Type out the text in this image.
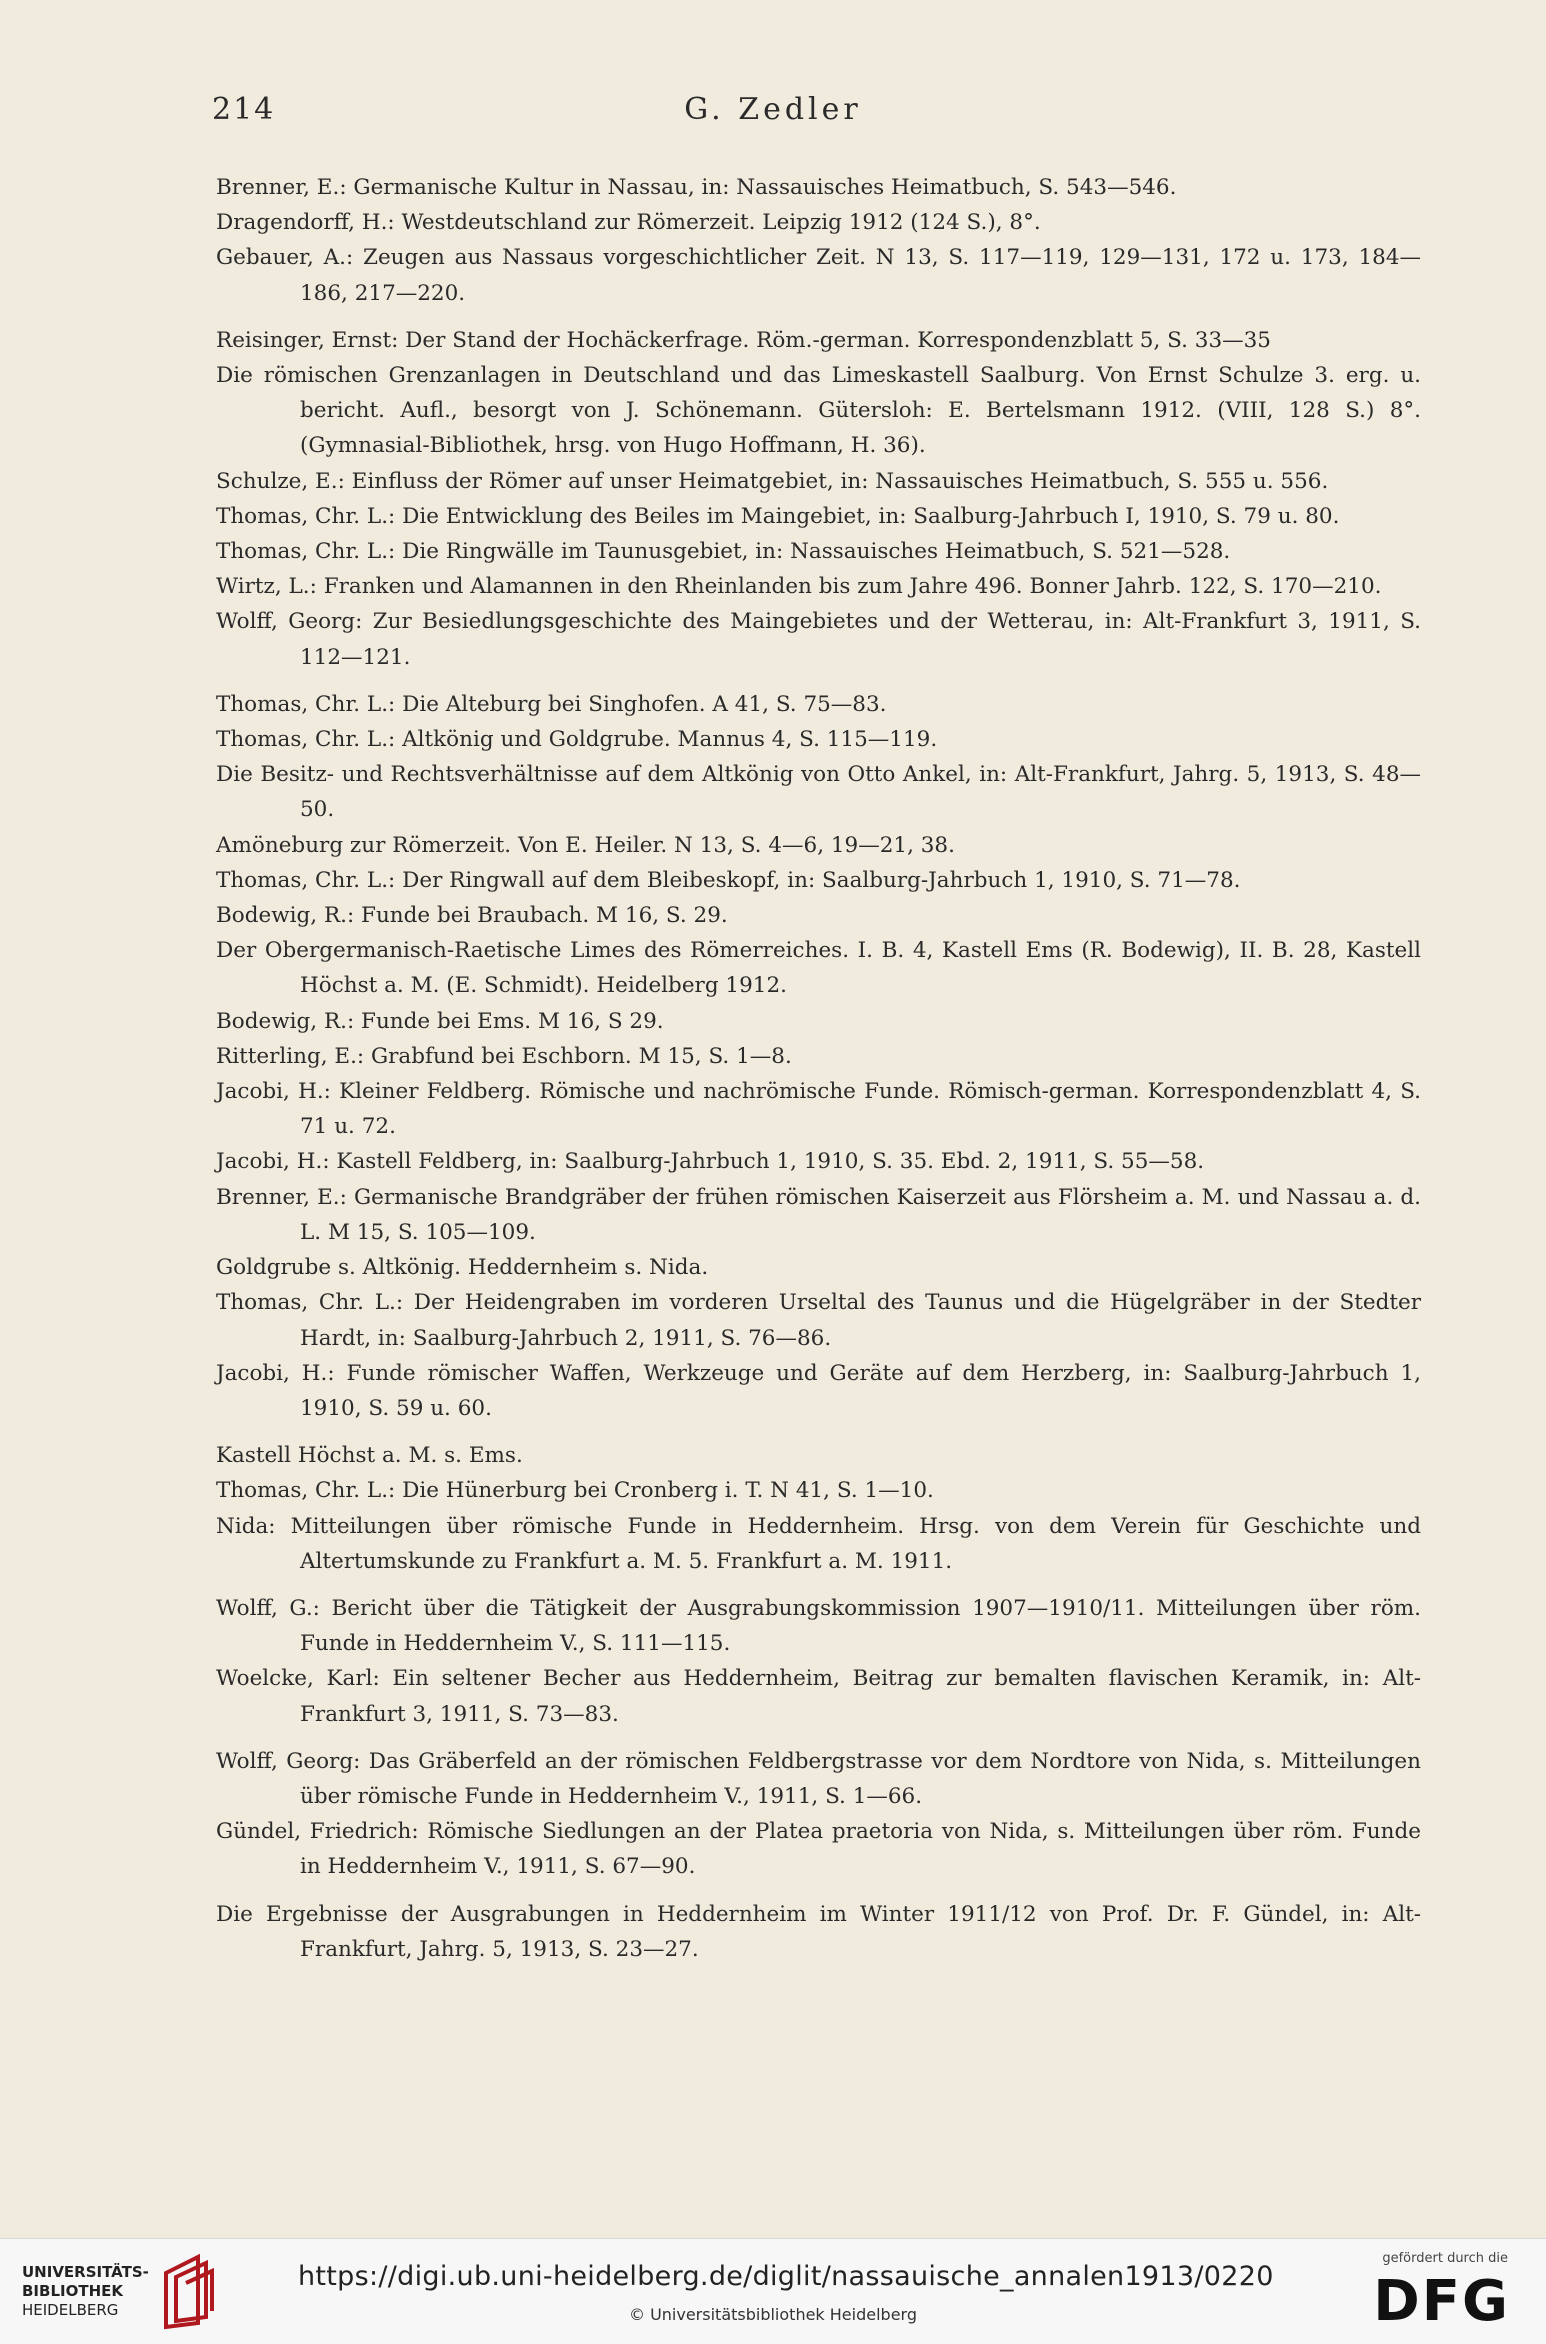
214	G. Zedler

Brenner, E.: Germanische Kultur in Nassau, in: Nassauisches Heimatbuch, S. 543—546.

Dragendorff, H.: Westdeutschland zur Römerzeit. Leipzig 1912 (124 S.), 8°.

Gebauer, A.: Zeugen aus Nassaus vorgeschichtlicher Zeit. N 13, S. 117—119, 129—131, 172 u. 173, 184—186, 217—220.

Reisinger, Ernst: Der Stand der Hochäckerfrage. Röm.-german. Korrespondenzblatt 5, S. 33—35

Die römischen Grenzanlagen in Deutschland und das Limeskastell Saalburg. Von Ernst Schulze 3. erg. u. bericht. Aufl., besorgt von J. Schönemann. Gütersloh: E. Bertelsmann 1912. (VIII, 128 S.) 8°. (Gymnasial-Bibliothek, hrsg. von Hugo Hoffmann, H. 36).

Schulze, E.: Einfluss der Römer auf unser Heimatgebiet, in: Nassauisches Heimatbuch, S. 555 u. 556.

Thomas, Chr. L.: Die Entwicklung des Beiles im Maingebiet, in: Saalburg-Jahrbuch I, 1910, S. 79 u. 80.

Thomas, Chr. L.: Die Ringwälle im Taunusgebiet, in: Nassauisches Heimatbuch, S. 521—528.

Wirtz, L.: Franken und Alamannen in den Rheinlanden bis zum Jahre 496. Bonner Jahrb. 122, S. 170—210.

Wolff, Georg: Zur Besiedlungsgeschichte des Maingebietes und der Wetterau, in: Alt-Frankfurt 3, 1911, S. 112—121.

Thomas, Chr. L.: Die Alteburg bei Singhofen. A 41, S. 75—83.

Thomas, Chr. L.: Altkönig und Goldgrube. Mannus 4, S. 115—119.

Die Besitz- und Rechtsverhältnisse auf dem Altkönig von Otto Ankel, in: Alt-Frankfurt, Jahrg. 5, 1913, S. 48—50.

Amöneburg zur Römerzeit. Von E. Heiler. N 13, S. 4—6, 19—21, 38.

Thomas, Chr. L.: Der Ringwall auf dem Bleibeskopf, in: Saalburg-Jahrbuch 1, 1910, S. 71—78.

Bodewig, R.: Funde bei Braubach. M 16, S. 29.

Der Obergermanisch-Raetische Limes des Römerreiches. I. B. 4, Kastell Ems (R. Bodewig), II. B. 28, Kastell Höchst a. M. (E. Schmidt). Heidelberg 1912.

Bodewig, R.: Funde bei Ems. M 16, S 29.

Ritterling, E.: Grabfund bei Eschborn. M 15, S. 1—8.

Jacobi, H.: Kleiner Feldberg. Römische und nachrömische Funde. Römisch-german. Korrespondenzblatt 4, S. 71 u. 72.

Jacobi, H.: Kastell Feldberg, in: Saalburg-Jahrbuch 1, 1910, S. 35. Ebd. 2, 1911, S. 55—58.

Brenner, E.: Germanische Brandgräber der frühen römischen Kaiserzeit aus Flörsheim a. M. und Nassau a. d. L. M 15, S. 105—109.

Goldgrube s. Altkönig. Heddernheim s. Nida.

Thomas, Chr. L.: Der Heidengraben im vorderen Urseltal des Taunus und die Hügelgräber in der Stedter Hardt, in: Saalburg-Jahrbuch 2, 1911, S. 76—86.

Jacobi, H.: Funde römischer Waffen, Werkzeuge und Geräte auf dem Herzberg, in: Saalburg-Jahrbuch 1, 1910, S. 59 u. 60.

Kastell Höchst a. M. s. Ems.

Thomas, Chr. L.: Die Hünerburg bei Cronberg i. T. N 41, S. 1—10.

Nida: Mitteilungen über römische Funde in Heddernheim. Hrsg. von dem Verein für Geschichte und Altertumskunde zu Frankfurt a. M. 5. Frankfurt a. M. 1911.

Wolff, G.: Bericht über die Tätigkeit der Ausgrabungskommission 1907—1910/11. Mitteilungen über röm. Funde in Heddernheim V., S. 111—115.

Woelcke, Karl: Ein seltener Becher aus Heddernheim, Beitrag zur bemalten flavischen Keramik, in: Alt-Frankfurt 3, 1911, S. 73—83.

Wolff, Georg: Das Gräberfeld an der römischen Feldbergstrasse vor dem Nordtore von Nida, s. Mitteilungen über römische Funde in Heddernheim V., 1911, S. 1—66.

Gündel, Friedrich: Römische Siedlungen an der Platea praetoria von Nida, s. Mitteilungen über röm. Funde in Heddernheim V., 1911, S. 67—90.

Die Ergebnisse der Ausgrabungen in Heddernheim im Winter 1911/12 von Prof. Dr. F. Gündel, in: Alt-Frankfurt, Jahrg. 5, 1913, S. 23—27.

UNIVERSITÄTS-
BIBLIOTHEK
HEIDELBERG
https://digi.ub.uni-heidelberg.de/diglit/nassauische_annalen1913/0220
© Universitätsbibliothek Heidelberg
gefördert durch die
DFG
